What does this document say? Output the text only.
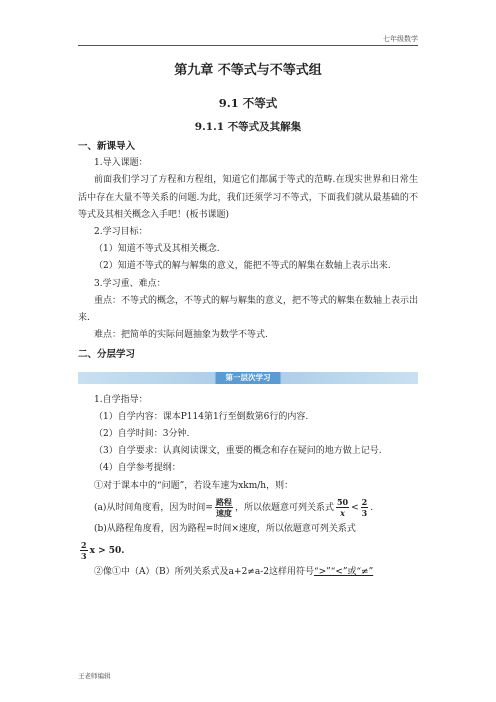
七年级数学
第九章 不等式与不等式组
9.1 不等式
9.1.1 不等式及其解集
一、新课导入
1.导入课题：
前面我们学习了方程和方程组，知道它们都属于等式的范畴.在现实世界和日常生活中存在大量不等关系的问题.为此，我们还须学习不等式，下面我们就从最基础的不等式及其相关概念入手吧！(板书课题)
2.学习目标：
（1）知道不等式及其相关概念.
（2）知道不等式的解与解集的意义，能把不等式的解集在数轴上表示出来.
3.学习重、难点：
重点：不等式的概念，不等式的解与解集的意义，把不等式的解集在数轴上表示出来.
难点：把简单的实际问题抽象为数学不等式.
二、分层学习
第一层次学习
1.自学指导：
（1）自学内容：课本P114第1行至倒数第6行的内容.
（2）自学时间：3分钟.
（3）自学要求：认真阅读课文，重要的概念和存在疑问的地方做上记号.
（4）自学参考提纲：
①对于课本中的“问题”，若设车速为xkm/h，则：
(a)从时间角度看，因为时间= $\frac{\text{路程}}{\text{速度}}$ ，所以依题意可列关系式 $\frac{50}{x} < \frac{2}{3}$ .
(b)从路程角度看，因为路程=时间×速度，所以依题意可列关系式
$\frac{2}{3}$ x > 50.
②像①中（A）（B）所列关系式及a+2≠a-2这样用符号“>”“<”或“≠”
王老师编辑
